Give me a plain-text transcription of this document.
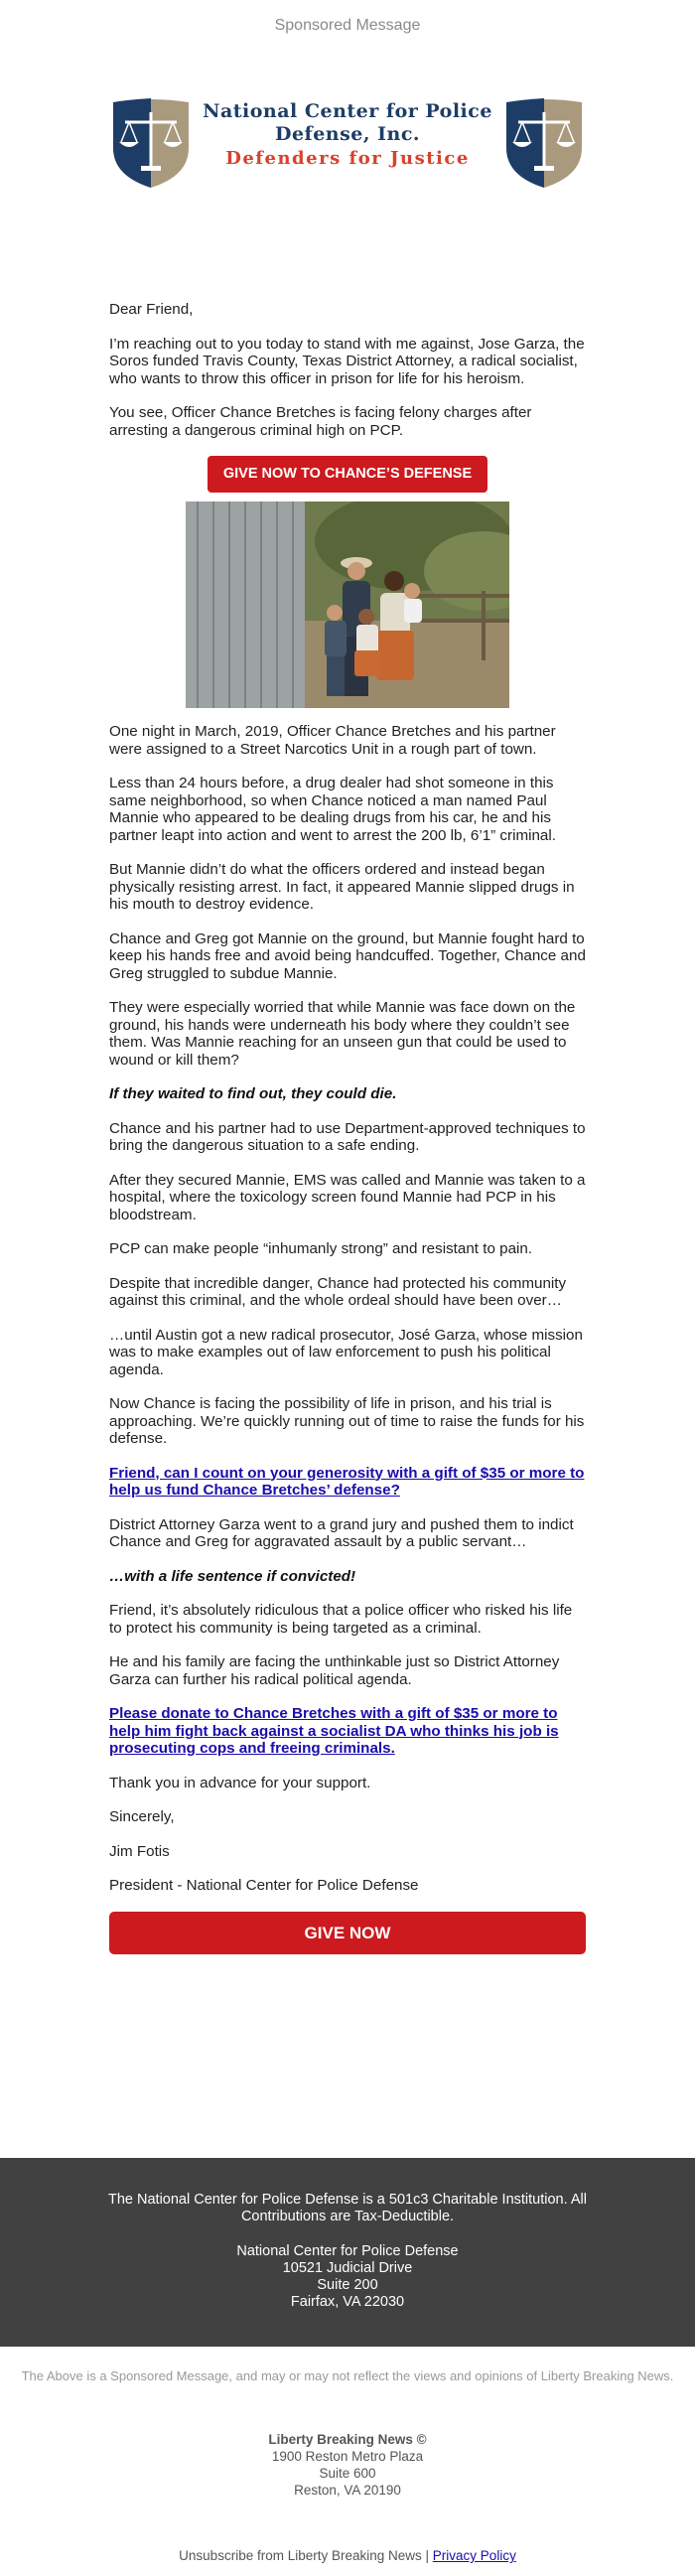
Sponsored Message
National Center for Police
Defense, Inc.
Defenders for Justice

Dear Friend,

I’m reaching out to you today to stand with me against, Jose Garza, the Soros funded Travis County, Texas District Attorney, a radical socialist, who wants to throw this officer in prison for life for his heroism.

You see, Officer Chance Bretches is facing felony charges after arresting a dangerous criminal high on PCP.

GIVE NOW TO CHANCE’S DEFENSE

One night in March, 2019, Officer Chance Bretches and his partner were assigned to a Street Narcotics Unit in a rough part of town.

Less than 24 hours before, a drug dealer had shot someone in this same neighborhood, so when Chance noticed a man named Paul Mannie who appeared to be dealing drugs from his car, he and his partner leapt into action and went to arrest the 200 lb, 6’1” criminal.

But Mannie didn’t do what the officers ordered and instead began physically resisting arrest. In fact, it appeared Mannie slipped drugs in his mouth to destroy evidence.

Chance and Greg got Mannie on the ground, but Mannie fought hard to keep his hands free and avoid being handcuffed. Together, Chance and Greg struggled to subdue Mannie.

They were especially worried that while Mannie was face down on the ground, his hands were underneath his body where they couldn’t see them. Was Mannie reaching for an unseen gun that could be used to wound or kill them?

If they waited to find out, they could die.

Chance and his partner had to use Department-approved techniques to bring the dangerous situation to a safe ending.

After they secured Mannie, EMS was called and Mannie was taken to a hospital, where the toxicology screen found Mannie had PCP in his bloodstream.

PCP can make people “inhumanly strong” and resistant to pain.

Despite that incredible danger, Chance had protected his community against this criminal, and the whole ordeal should have been over…

…until Austin got a new radical prosecutor, José Garza, whose mission was to make examples out of law enforcement to push his political agenda.

Now Chance is facing the possibility of life in prison, and his trial is approaching. We’re quickly running out of time to raise the funds for his defense.

Friend, can I count on your generosity with a gift of $35 or more to help us fund Chance Bretches’ defense?

District Attorney Garza went to a grand jury and pushed them to indict Chance and Greg for aggravated assault by a public servant…

…with a life sentence if convicted!

Friend, it’s absolutely ridiculous that a police officer who risked his life to protect his community is being targeted as a criminal.

He and his family are facing the unthinkable just so District Attorney Garza can further his radical political agenda.

Please donate to Chance Bretches with a gift of $35 or more to help him fight back against a socialist DA who thinks his job is prosecuting cops and freeing criminals.

Thank you in advance for your support.

Sincerely,

Jim Fotis

President - National Center for Police Defense

GIVE NOW
The National Center for Police Defense is a 501c3 Charitable Institution. All Contributions are Tax-Deductible.
National Center for Police Defense
10521 Judicial Drive
Suite 200
Fairfax, VA 22030
The Above is a Sponsored Message, and may or may not reflect the views and opinions of Liberty Breaking News.
Liberty Breaking News ©
1900 Reston Metro Plaza
Suite 600
Reston, VA 20190
Unsubscribe from Liberty Breaking News | Privacy Policy
